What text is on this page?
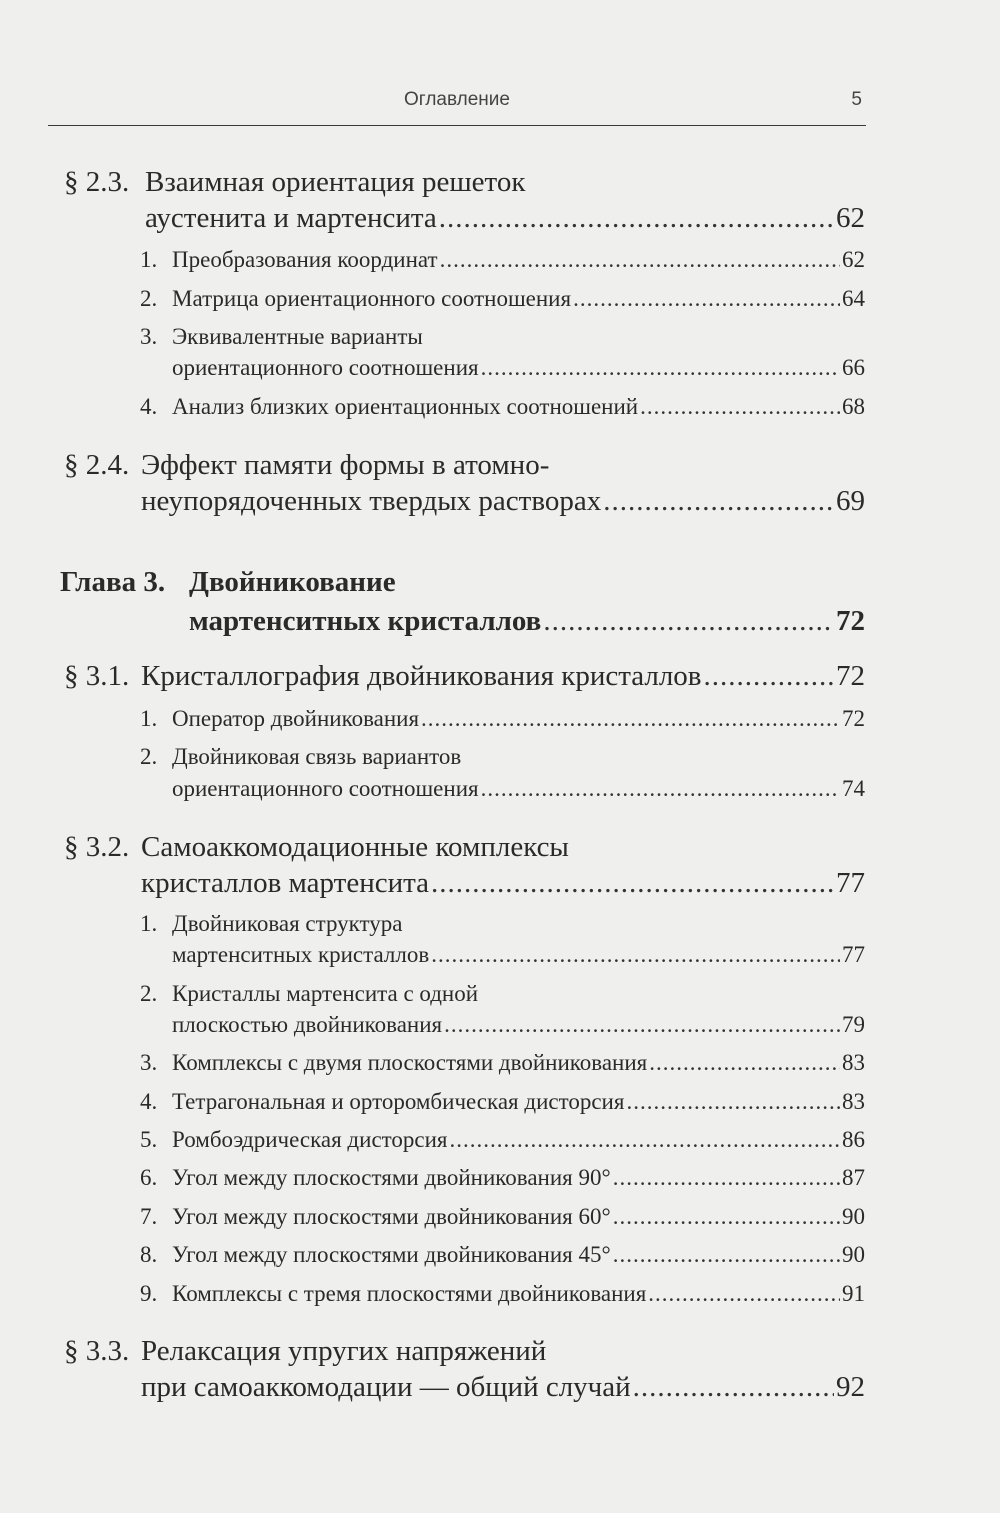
Оглавление	5
§ 2.3. Взаимная ориентация решеток
аустенита и мартенсита .....	62
1. Преобразования координат .....	62
2. Матрица ориентационного соотношения .....	64
3. Эквивалентные варианты
ориентационного соотношения .....	66
4. Анализ близких ориентационных соотношений .....	68
§ 2.4. Эффект памяти формы в атомно-
неупорядоченных твердых растворах .....	69
Глава 3. Двойникование
мартенситных кристаллов .....	72
§ 3.1. Кристаллография двойникования кристаллов .....	72
1. Оператор двойникования .....	72
2. Двойниковая связь вариантов
ориентационного соотношения .....	74
§ 3.2. Самоаккомодационные комплексы
кристаллов мартенсита .....	77
1. Двойниковая структура
мартенситных кристаллов .....	77
2. Кристаллы мартенсита с одной
плоскостью двойникования .....	79
3. Комплексы с двумя плоскостями двойникования .....	83
4. Тетрагональная и орторомбическая дисторсия .....	83
5. Ромбоэдрическая дисторсия .....	86
6. Угол между плоскостями двойникования 90° .....	87
7. Угол между плоскостями двойникования 60° .....	90
8. Угол между плоскостями двойникования 45° .....	90
9. Комплексы с тремя плоскостями двойникования .....	91
§ 3.3. Релаксация упругих напряжений
при самоаккомодации — общий случай .....	92
